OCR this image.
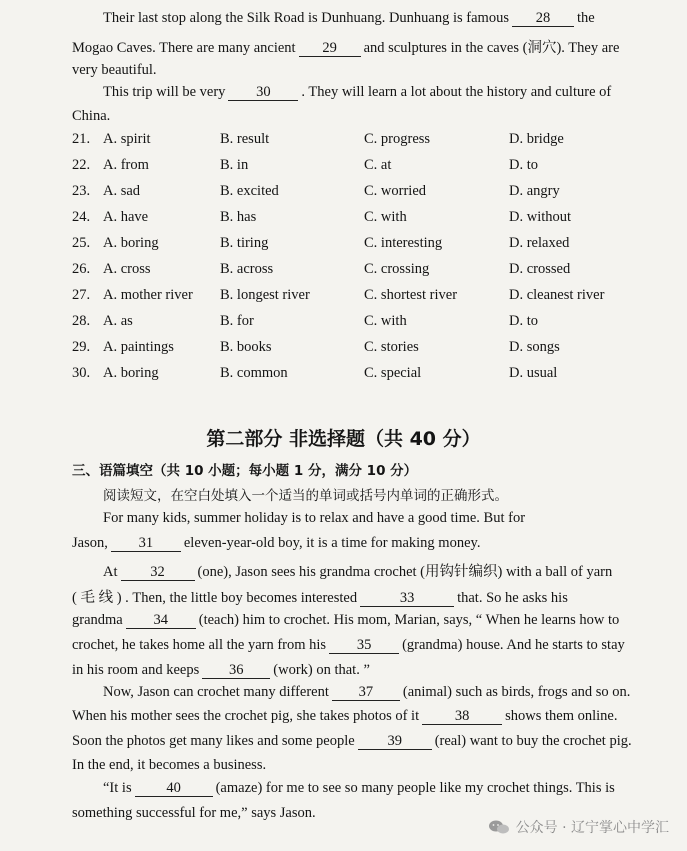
Their last stop along the Silk Road is Dunhuang. Dunhuang is famous 28 the
Mogao Caves. There are many ancient 29 and sculptures in the caves (洞穴). They are
very beautiful.
This trip will be very 30 . They will learn a lot about the history and culture of
China.
21. A. spirit	B. result	C. progress	D. bridge
22. A. from	B. in	C. at	D. to
23. A. sad	B. excited	C. worried	D. angry
24. A. have	B. has	C. with	D. without
25. A. boring	B. tiring	C. interesting	D. relaxed
26. A. cross	B. across	C. crossing	D. crossed
27. A. mother river B. longest river	C. shortest river	D. cleanest river
28. A. as	B. for	C. with	D. to
29. A. paintings	B. books	C. stories	D. songs
30. A. boring	B. common	C. special	D. usual
第二部分 非选择题（共 40 分）
三、语篇填空（共 10 小题；每小题 1 分，满分 10 分）
阅读短文，在空白处填入一个适当的单词或括号内单词的正确形式。
For many kids, summer holiday is to relax and have a good time. But for
Jason, 31 eleven-year-old boy, it is a time for making money.
At 32 (one), Jason sees his grandma crochet (用钩针编织) with a ball of yarn
( 毛 线 ) . Then, the little boy becomes interested	33	that. So he asks his
grandma 34 (teach) him to crochet. His mom, Marian, says, “ When he learns how to
crochet, he takes home all the yarn from his 35 (grandma) house. And he starts to stay
in his room and keeps 36 (work) on that. ”
Now, Jason can crochet many different 37 (animal) such as birds, frogs and so on.
When his mother sees the crochet pig, she takes photos of it 38 shows them online.
Soon the photos get many likes and some people 39 (real) want to buy the crochet pig.
In the end, it becomes a business.
“It is 40 (amaze) for me to see so many people like my crochet things. This is
something successful for me,” says Jason.
公众号 · 辽宁掌心中学汇
